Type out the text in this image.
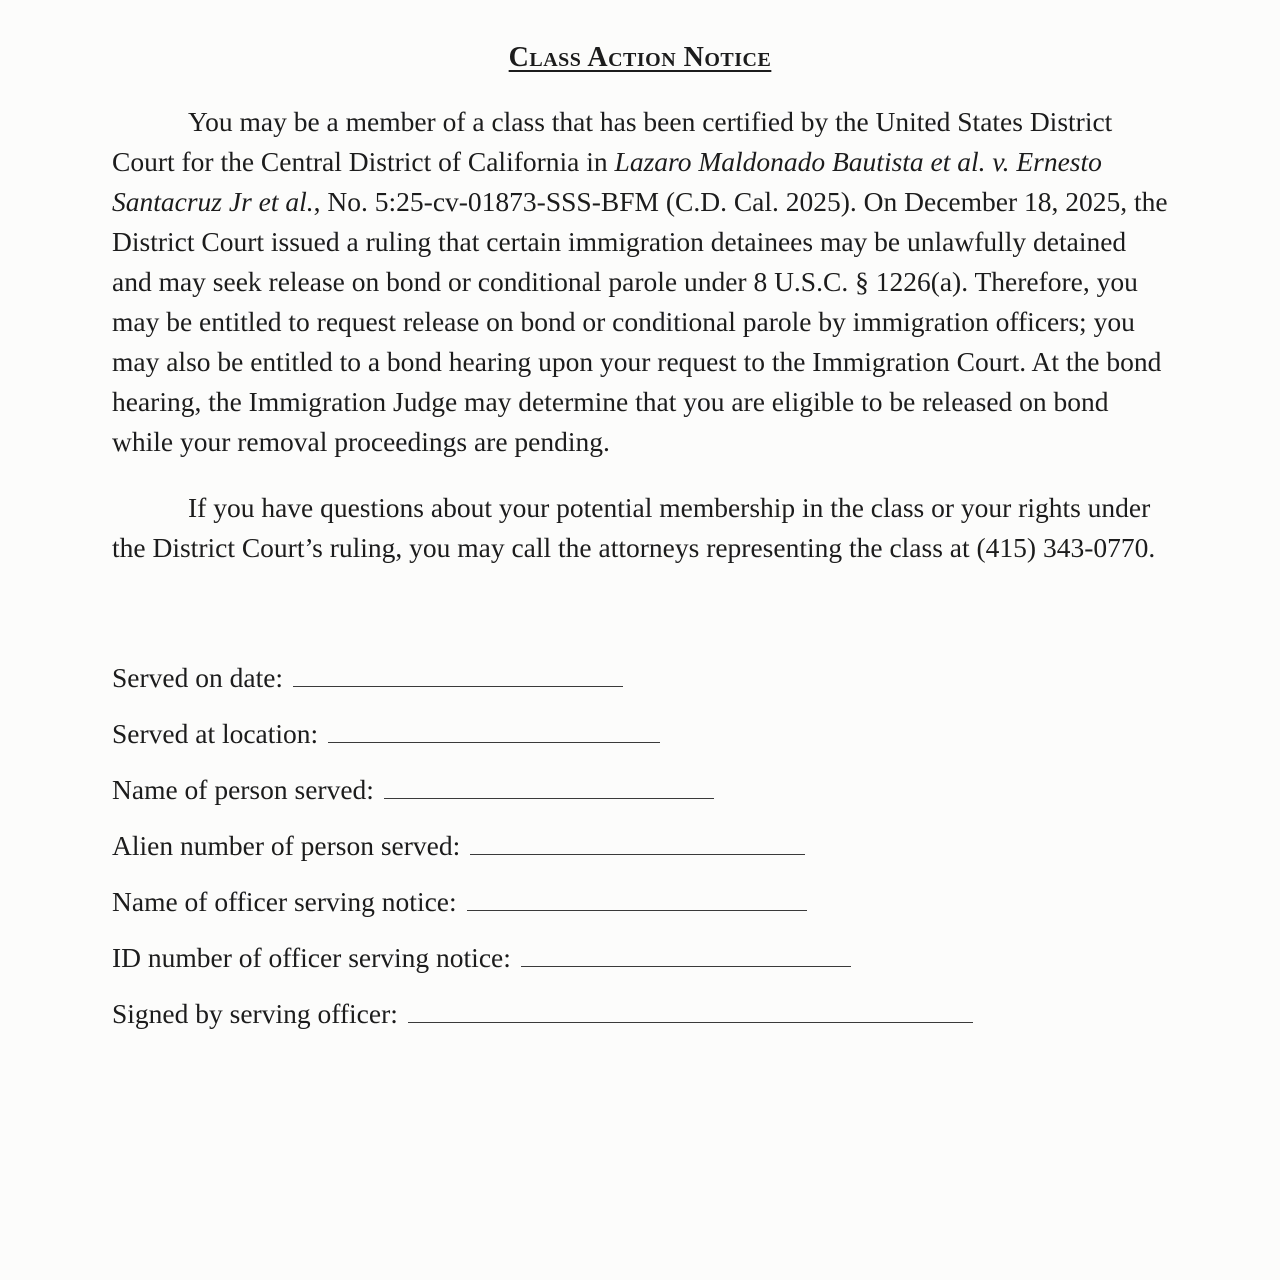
Class Action Notice

You may be a member of a class that has been certified by the United States District Court for the Central District of California in Lazaro Maldonado Bautista et al. v. Ernesto Santacruz Jr et al., No. 5:25-cv-01873-SSS-BFM (C.D. Cal. 2025). On December 18, 2025, the District Court issued a ruling that certain immigration detainees may be unlawfully detained and may seek release on bond or conditional parole under 8 U.S.C. § 1226(a). Therefore, you may be entitled to request release on bond or conditional parole by immigration officers; you may also be entitled to a bond hearing upon your request to the Immigration Court. At the bond hearing, the Immigration Judge may determine that you are eligible to be released on bond while your removal proceedings are pending.

If you have questions about your potential membership in the class or your rights under the District Court’s ruling, you may call the attorneys representing the class at (415) 343-0770.

Served on date:
Served at location:
Name of person served:
Alien number of person served:
Name of officer serving notice:
ID number of officer serving notice:
Signed by serving officer:
